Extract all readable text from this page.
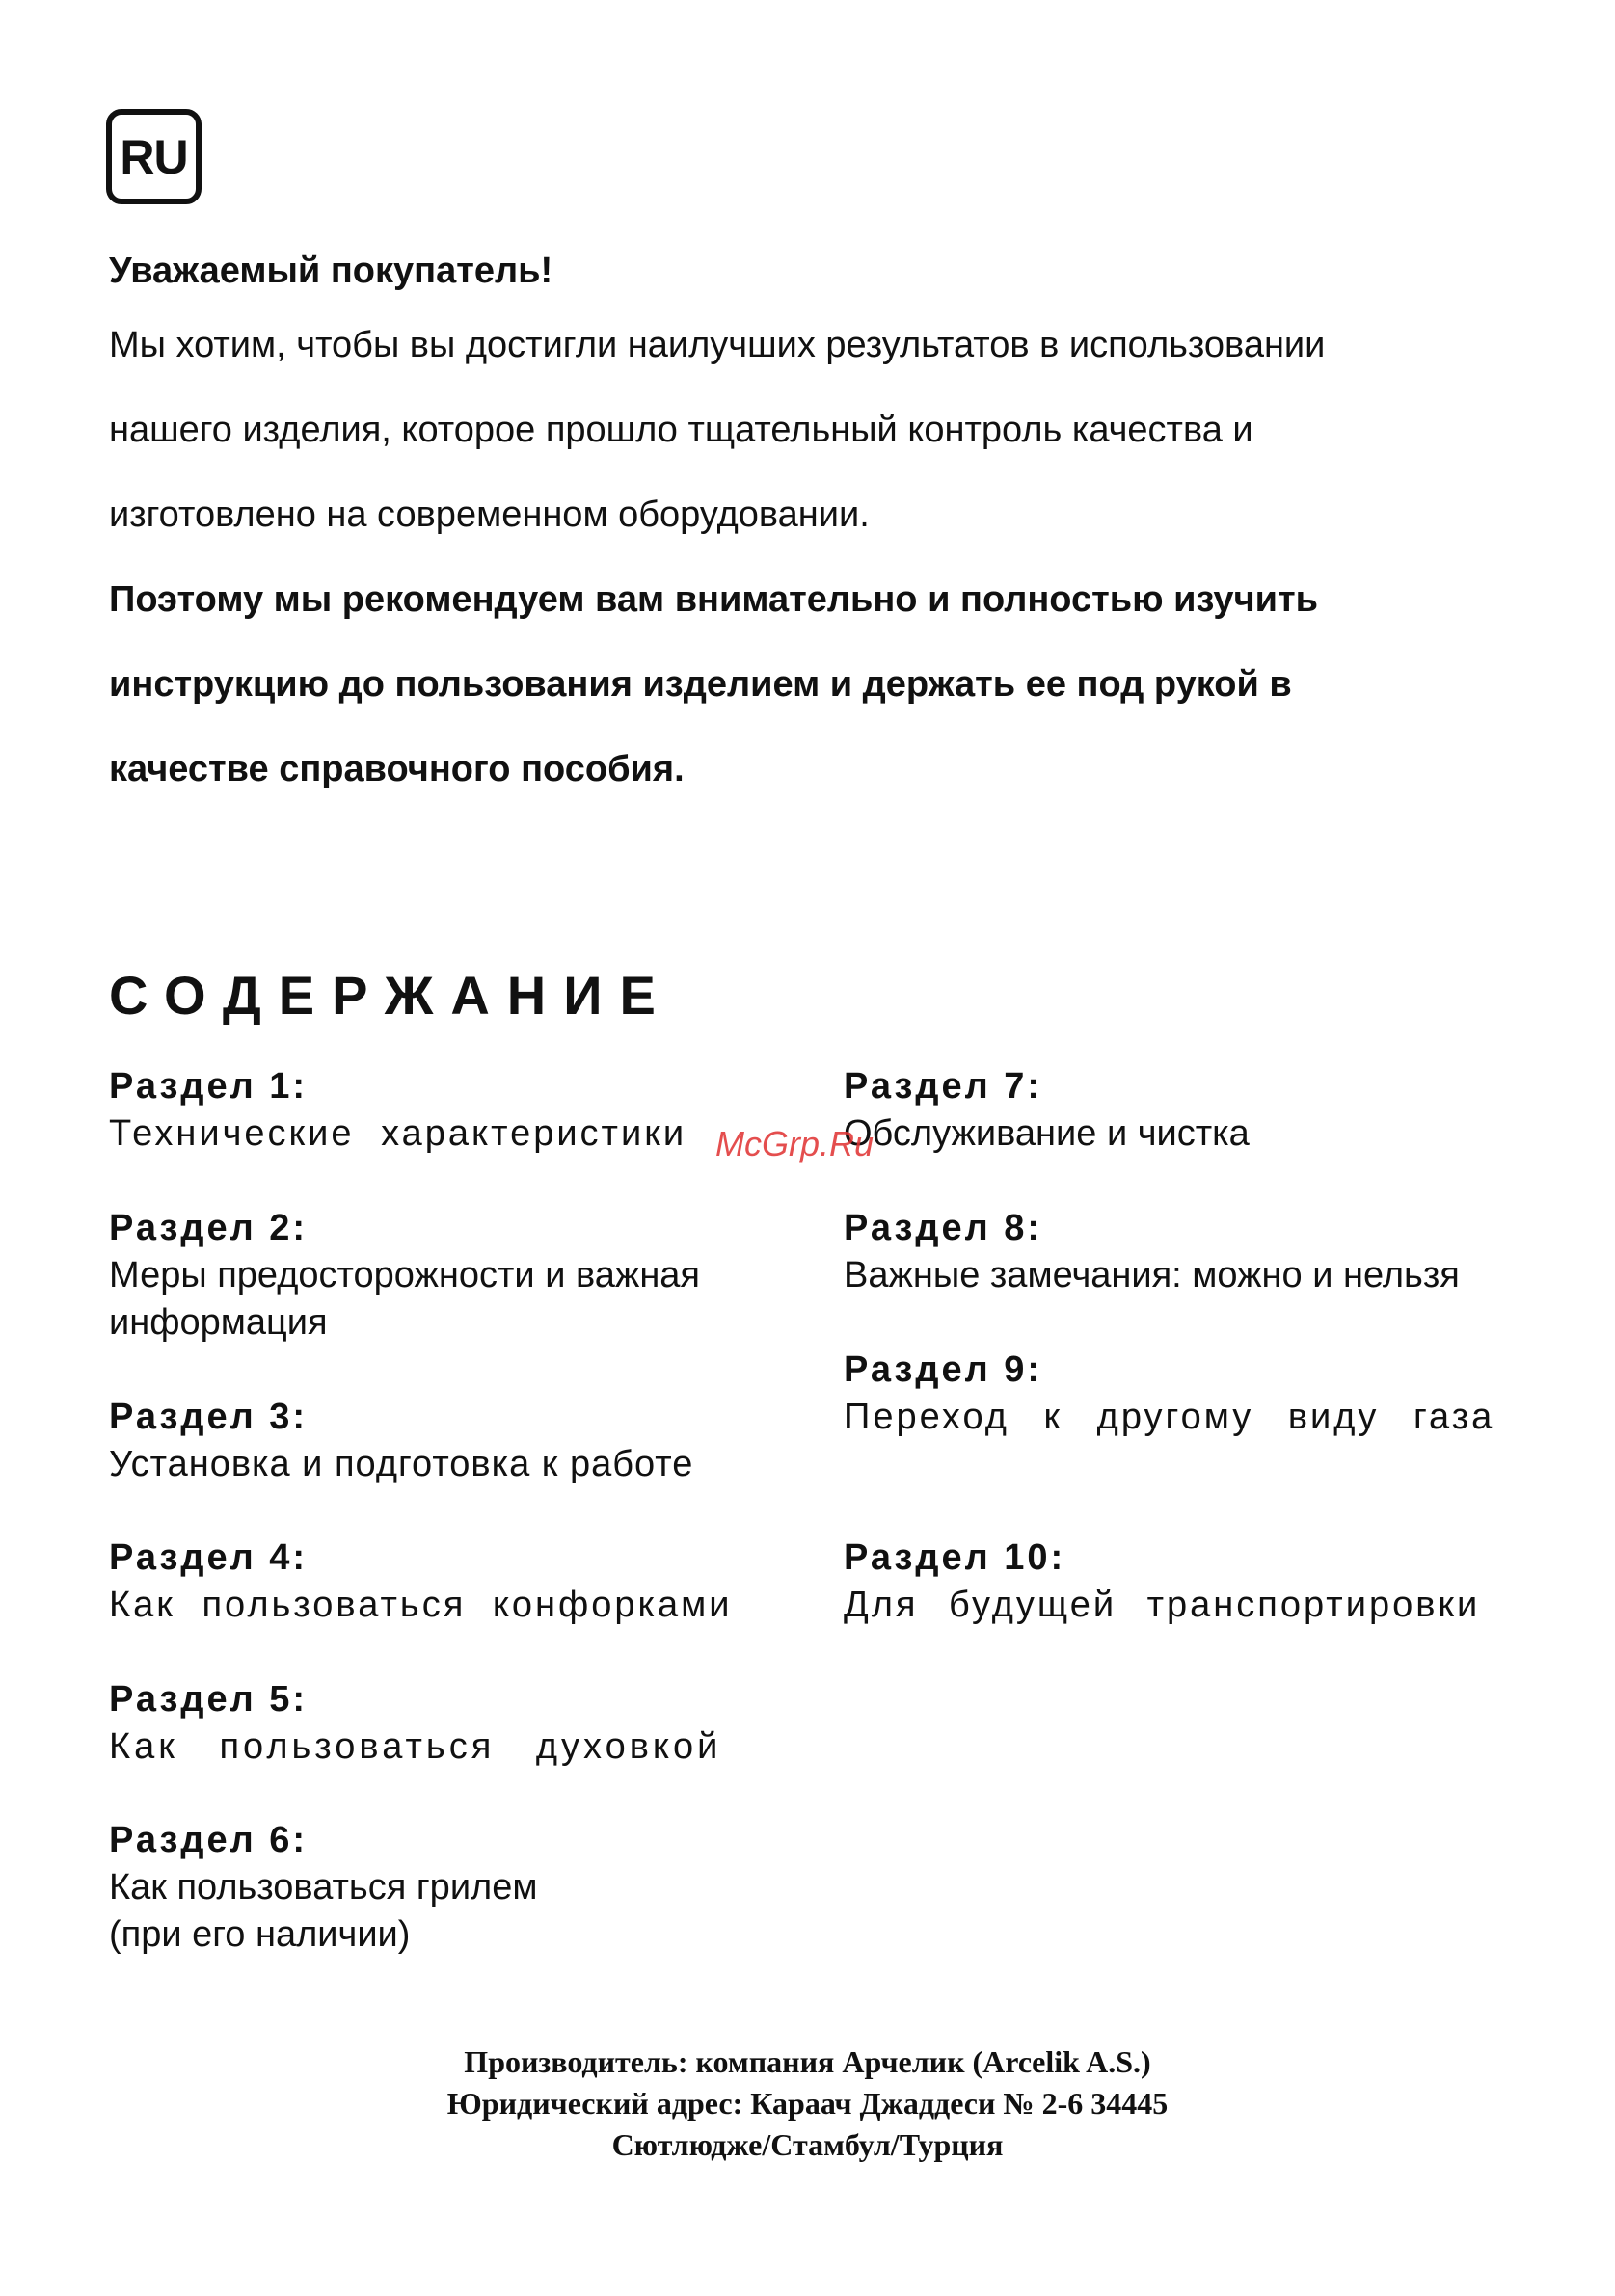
RU

Уважаемый покупатель!

Мы хотим, чтобы вы достигли наилучших результатов в использовании

нашего изделия, которое прошло тщательный контроль качества и

изготовлено на современном оборудовании.

Поэтому мы рекомендуем вам внимательно и полностью изучить

инструкцию до пользования изделием и держать ее под рукой в

качестве справочного пособия.

СОДЕРЖАНИЕ
Раздел 1:
Технические характеристики
Раздел 2:
Меры предосторожности и важная
информация
Раздел 3:
Установка и подготовка к работе
Раздел 4:
Как пользоваться конфорками
Раздел 5:
Как пользоваться духовкой
Раздел 6:
Как пользоваться грилем
(при его наличии)
Раздел 7:
Обслуживание и чистка
Раздел 8:
Важные замечания: можно и нельзя
Раздел 9:
Переход к другому виду газа
Раздел 10:
Для будущей транспортировки
McGrp.Ru
Производитель: компания Арчелик (Arcelik A.S.)
Юридический адрес: Караач Джаддеси № 2-6 34445
Сютлюдже/Стамбул/Турция
